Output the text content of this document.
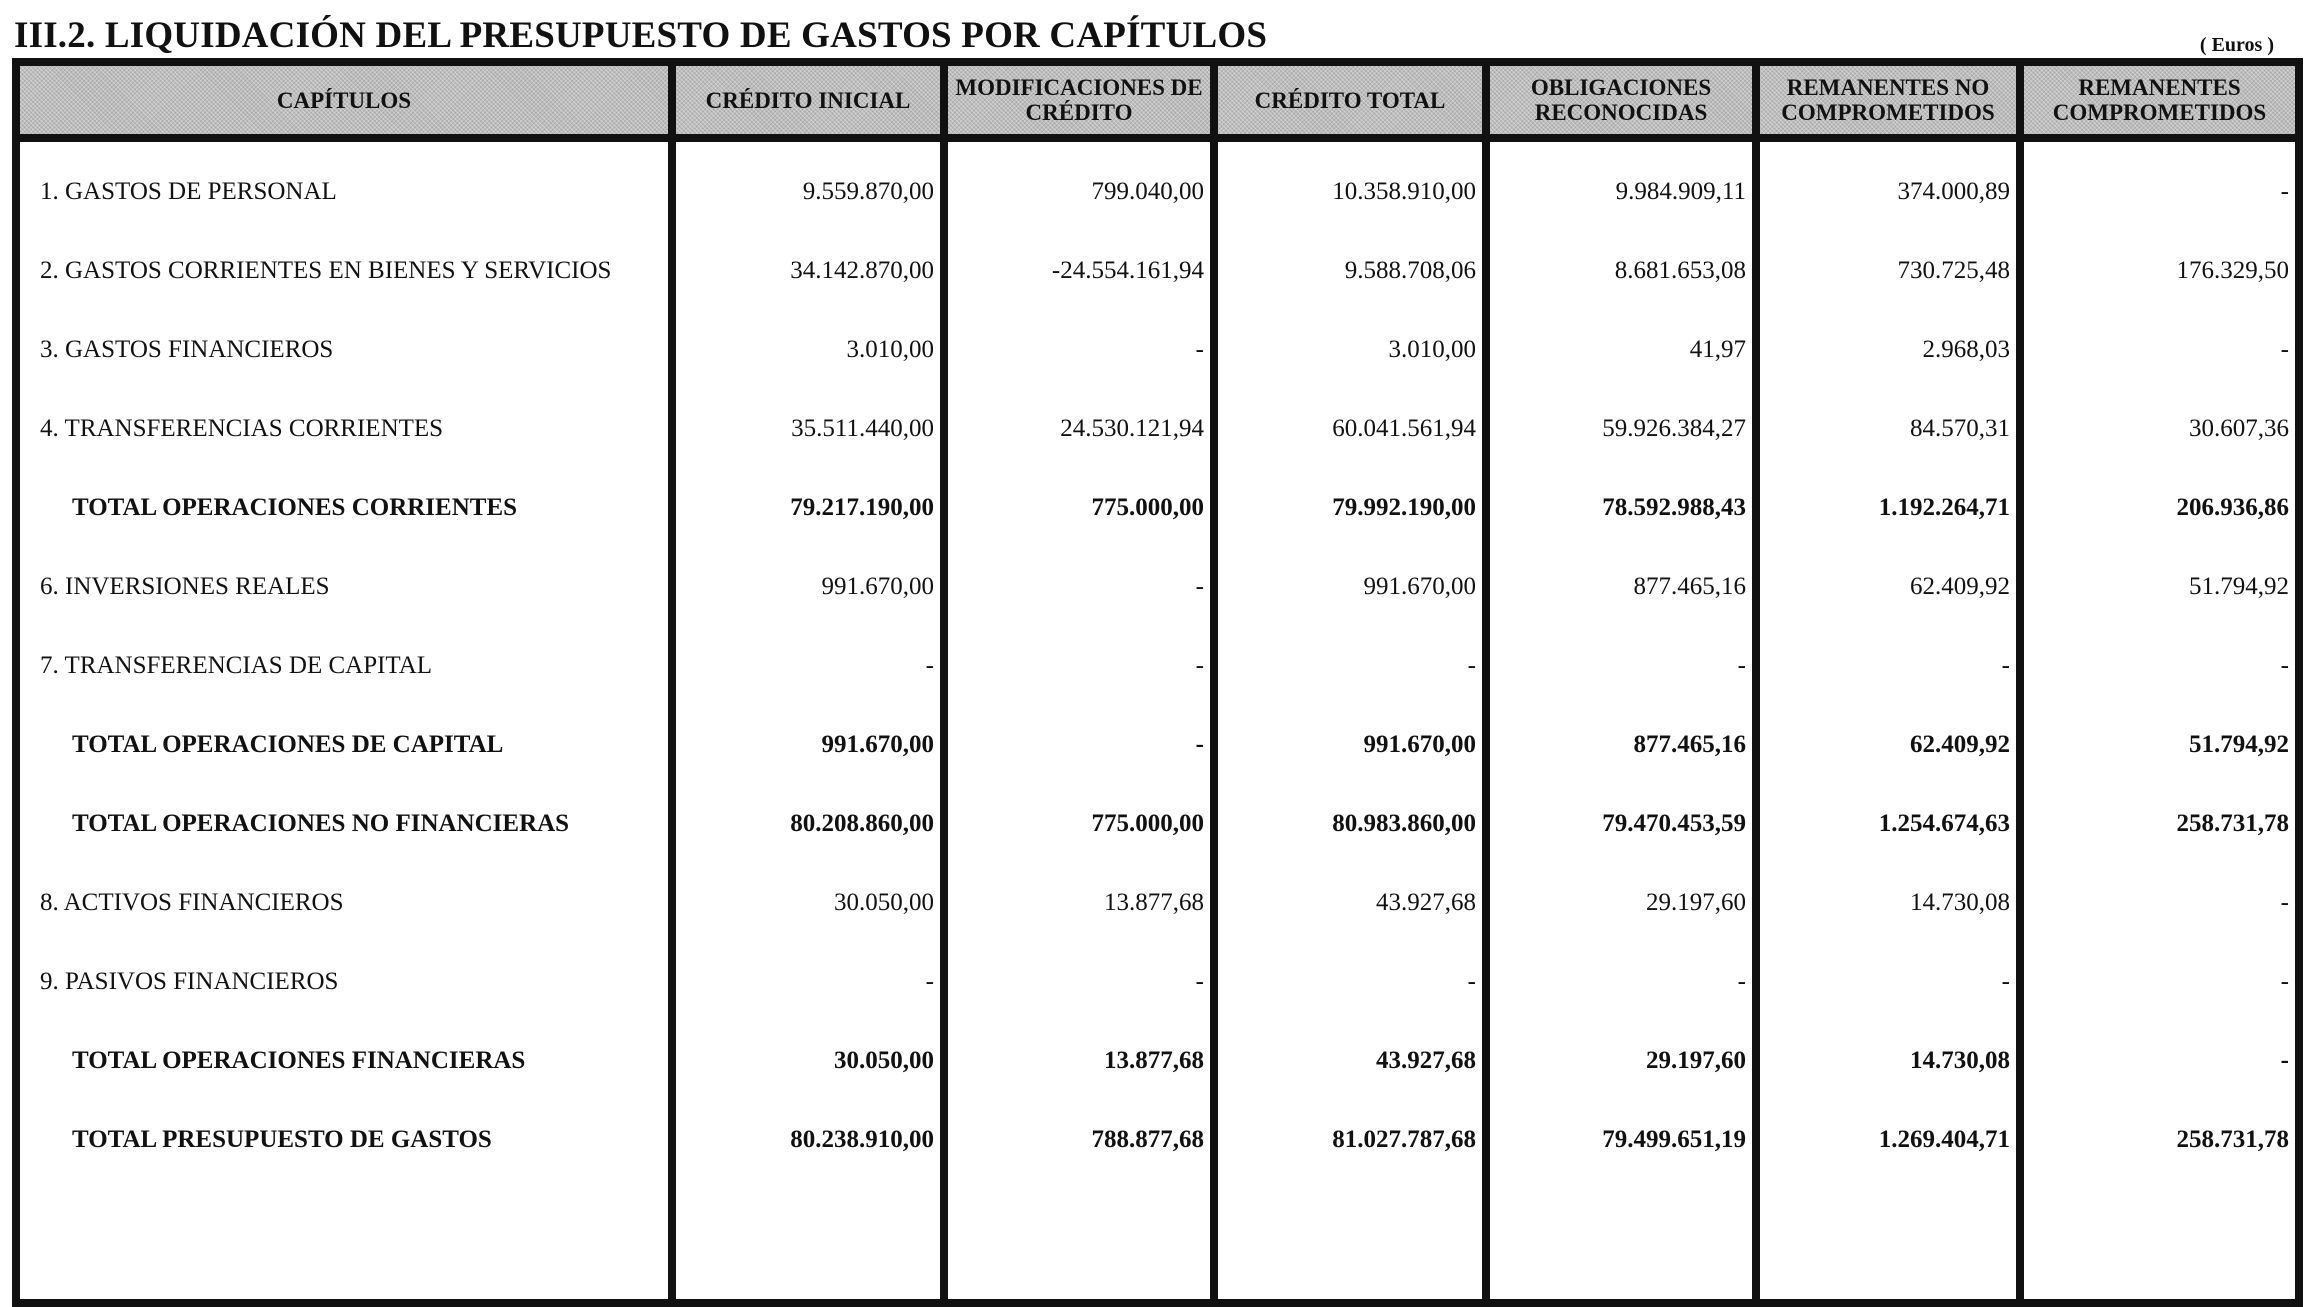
III.2. LIQUIDACIÓN DEL PRESUPUESTO DE GASTOS POR CAPÍTULOS	( Euros )
CAPÍTULOS	CRÉDITO INICIAL	MODIFICACIONES DE CRÉDITO	CRÉDITO TOTAL	OBLIGACIONES RECONOCIDAS	REMANENTES NO COMPROMETIDOS	REMANENTES COMPROMETIDOS
1. GASTOS DE PERSONAL	9.559.870,00	799.040,00	10.358.910,00	9.984.909,11	374.000,89	-
2. GASTOS CORRIENTES EN BIENES Y SERVICIOS	34.142.870,00	-24.554.161,94	9.588.708,06	8.681.653,08	730.725,48	176.329,50
3. GASTOS FINANCIEROS	3.010,00	-	3.010,00	41,97	2.968,03	-
4. TRANSFERENCIAS CORRIENTES	35.511.440,00	24.530.121,94	60.041.561,94	59.926.384,27	84.570,31	30.607,36
TOTAL OPERACIONES CORRIENTES	79.217.190,00	775.000,00	79.992.190,00	78.592.988,43	1.192.264,71	206.936,86
6. INVERSIONES REALES	991.670,00	-	991.670,00	877.465,16	62.409,92	51.794,92
7. TRANSFERENCIAS DE CAPITAL	-	-	-	-	-	-
TOTAL OPERACIONES DE CAPITAL	991.670,00	-	991.670,00	877.465,16	62.409,92	51.794,92
TOTAL OPERACIONES NO FINANCIERAS	80.208.860,00	775.000,00	80.983.860,00	79.470.453,59	1.254.674,63	258.731,78
8. ACTIVOS FINANCIEROS	30.050,00	13.877,68	43.927,68	29.197,60	14.730,08	-
9. PASIVOS FINANCIEROS	-	-	-	-	-	-
TOTAL OPERACIONES FINANCIERAS	30.050,00	13.877,68	43.927,68	29.197,60	14.730,08	-
TOTAL PRESUPUESTO DE GASTOS	80.238.910,00	788.877,68	81.027.787,68	79.499.651,19	1.269.404,71	258.731,78
